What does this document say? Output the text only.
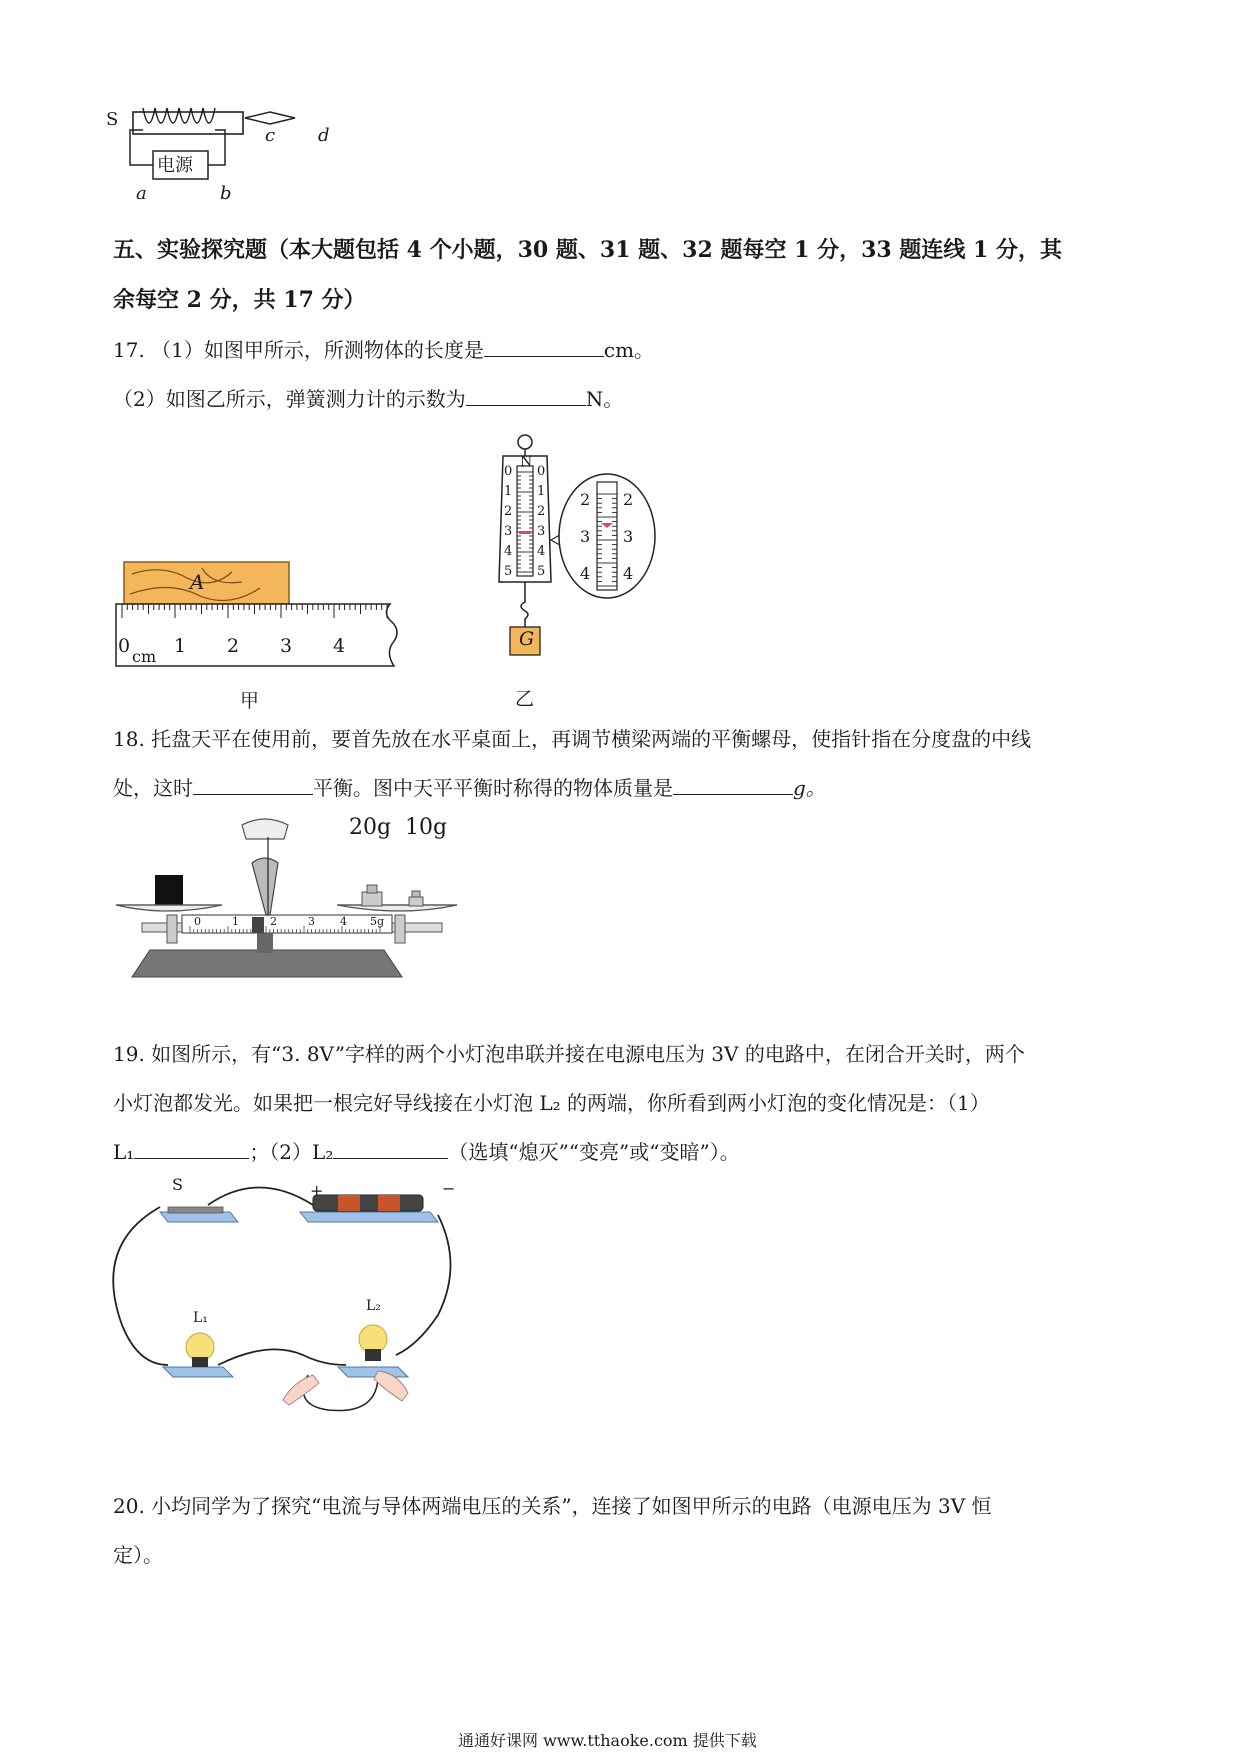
S
c d
电源
a	b
五、实验探究题（本大题包括 4 个小题，30 题、31 题、32 题每空 1 分，33 题连线 1 分，其
余每空 2 分，共 17 分）
17. （1）如图甲所示，所测物体的长度是	cm。
（2）如图乙所示，弹簧测力计的示数为	N。
A
0 cm 1 2 3 4
甲
N
0
1
2
3
4
5
0
1
2
3
4
5
2
3
4
2
3
4
G
乙
18. 托盘天平在使用前，要首先放在水平桌面上，再调节横梁两端的平衡螺母，使指针指在分度盘的中线
处，这时	平衡。图中天平平衡时称得的物体质量是	g。
20g 10g
0	1	2	3 4 5g
19. 如图所示，有“3. 8V”字样的两个小灯泡串联并接在电源电压为 3V 的电路中，在闭合开关时，两个
小灯泡都发光。如果把一根完好导线接在小灯泡 L₂ 的两端，你所看到两小灯泡的变化情况是：（1）
L₁	；（2）L₂	（选填“熄灭”“变亮”或“变暗”）。
S	+	−
L₁
L₂
20. 小均同学为了探究“电流与导体两端电压的关系”，连接了如图甲所示的电路（电源电压为 3V 恒
定）。
通通好课网 www.tthaoke.com 提供下载
